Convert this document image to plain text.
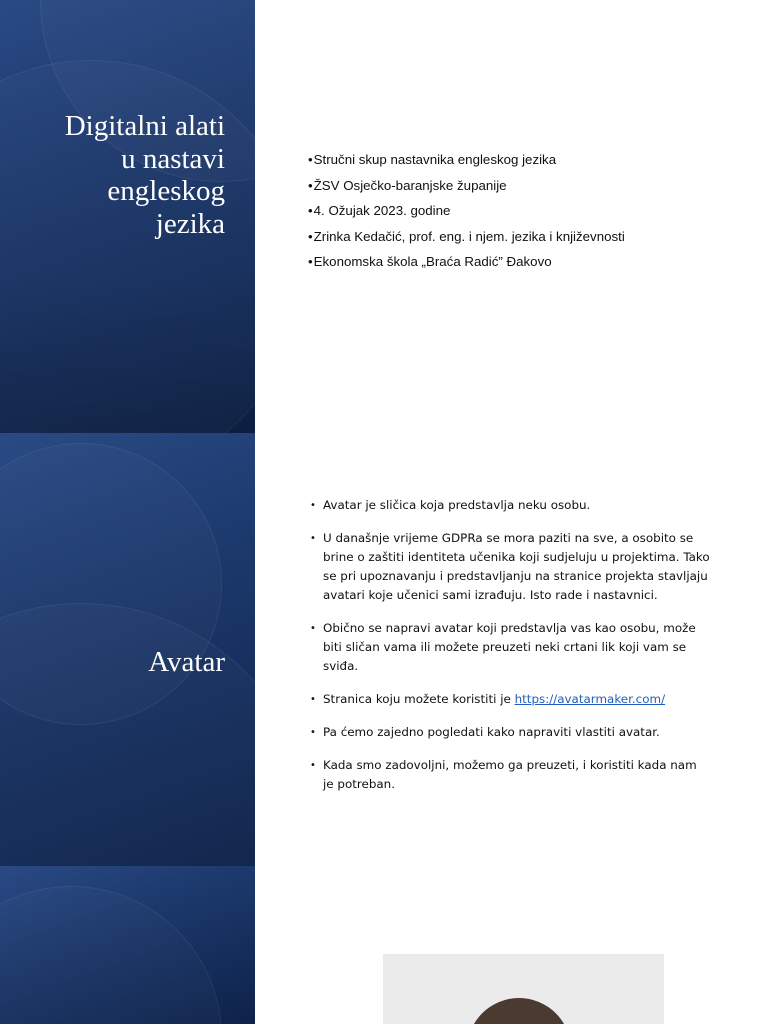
Digitalni alati
u nastavi
engleskog
jezika
•Stručni skup nastavnika engleskog jezika
•ŽSV Osječko-baranjske županije
•4. Ožujak 2023. godine
•Zrinka Kedačić, prof. eng. i njem. jezika i književnosti
•Ekonomska škola „Braća Radić” Đakovo
Avatar
• Avatar je sličica koja predstavlja neku osobu.
• U današnje vrijeme GDPRa se mora paziti na sve, a osobito se brine o zaštiti identiteta učenika koji sudjeluju u projektima. Tako se pri upoznavanju i predstavljanju na stranice projekta stavljaju avatari koje učenici sami izrađuju. Isto rade i nastavnici.
• Obično se napravi avatar koji predstavlja vas kao osobu, može biti sličan vama ili možete preuzeti neki crtani lik koji vam se sviđa.
• Stranica koju možete koristiti je https://avatarmaker.com/
• Pa ćemo zajedno pogledati kako napraviti vlastiti avatar.
• Kada smo zadovoljni, možemo ga preuzeti, i koristiti kada nam je potreban.
